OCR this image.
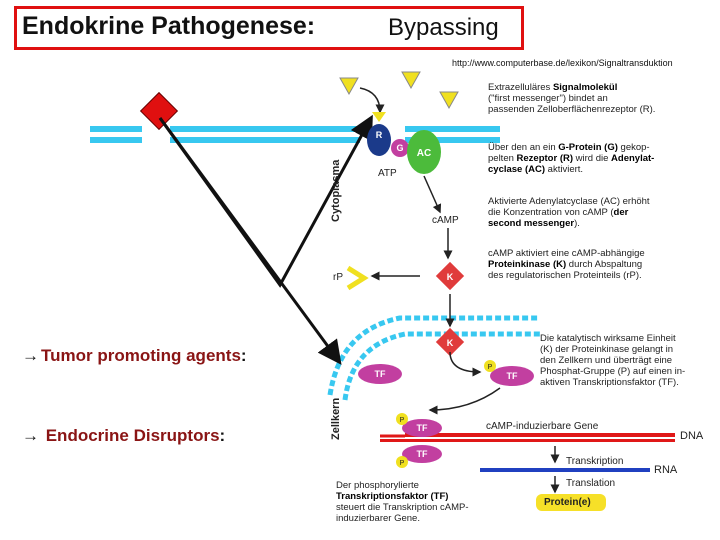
Endokrine Pathogenese:	Bypassing
http://www.computerbase.de/lexikon/Signaltransduktion
→ Tumor promoting agents:
→ Endocrine Disruptors:
R
G AC
K
K
TF	TF
P
TF
P
TF
P
Cytoplasma
Zellkern
ATP
cAMP
rP
cAMP-induzierbare Gene
DNA
Transkription
RNA
Translation
Protein(e)
Extrazelluläres Signalmolekül
("first messenger") bindet an
passenden Zelloberflächenrezeptor (R).
Über den an ein G-Protein (G) gekop-
pelten Rezeptor (R) wird die Adenylat-
cyclase (AC) aktiviert.
Aktivierte Adenylatcyclase (AC) erhöht
die Konzentration von cAMP (der
second messenger).
cAMP aktiviert eine cAMP-abhängige
Proteinkinase (K) durch Abspaltung
des regulatorischen Proteinteils (rP).
Die katalytisch wirksame Einheit
(K) der Proteinkinase gelangt in
den Zellkern und überträgt eine
Phosphat-Gruppe (P) auf einen in-
aktiven Transkriptionsfaktor (TF).
Der phosphorylierte
Transkriptionsfaktor (TF)
steuert die Transkription cAMP-
induzierbarer Gene.
